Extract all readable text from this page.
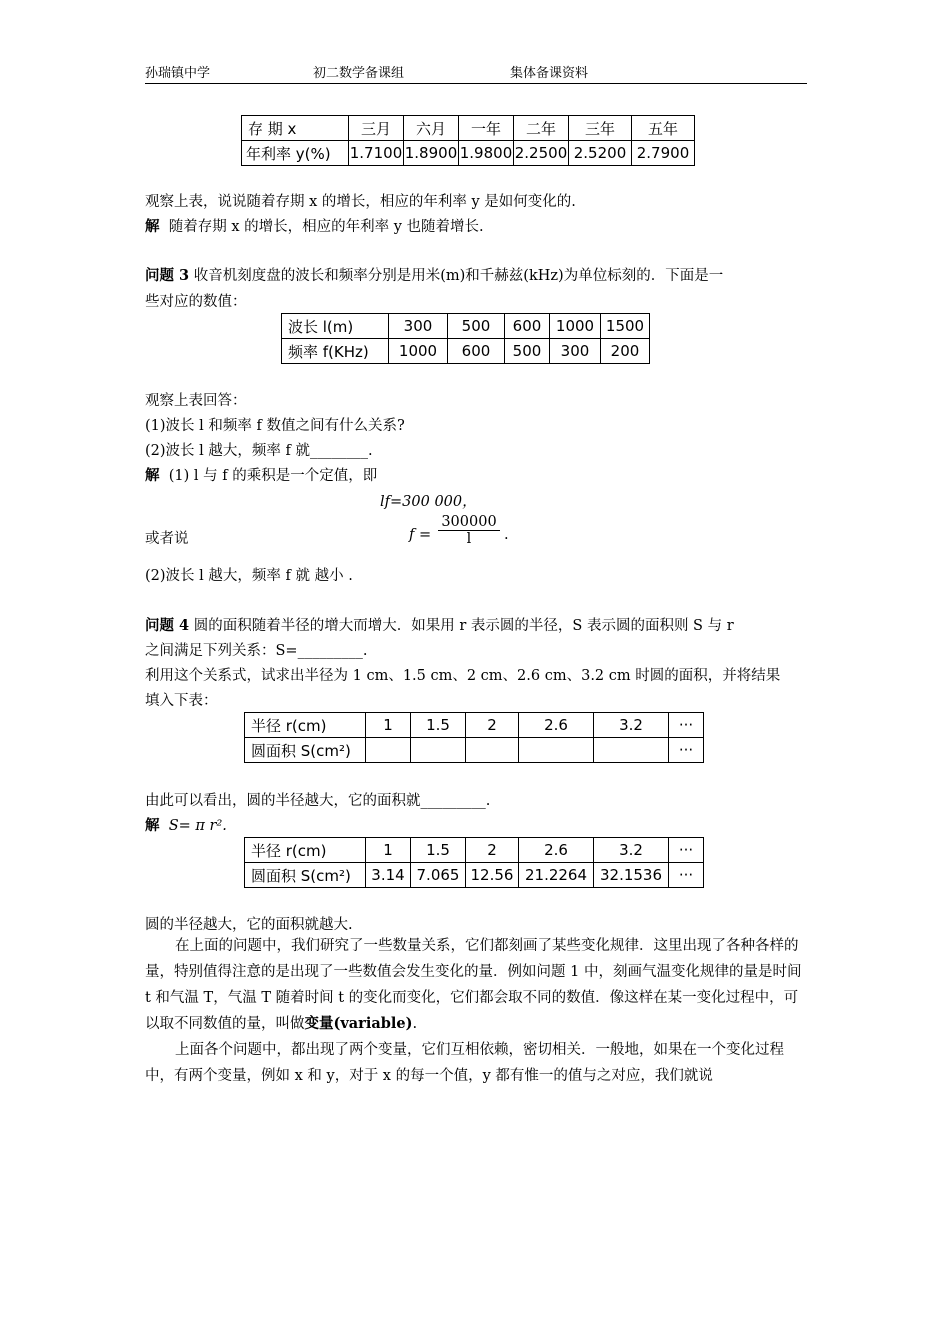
孙瑞镇中学	初二数学备课组	集体备课资料
存 期 x	三月	六月	一年	二年	三年	五年
年利率 y(%)	1.7100	1.8900	1.9800	2.2500	2.5200	2.7900
观察上表，说说随着存期 x 的增长，相应的年利率 y 是如何变化的.
解 随着存期 x 的增长，相应的年利率 y 也随着增长.
问题 3 收音机刻度盘的波长和频率分别是用米(m)和千赫兹(kHz)为单位标刻的．下面是一
些对应的数值：
波长 l(m)	300	500	600	1000	1500
频率 f(KHz)	1000	600	500	300	200
观察上表回答：
(1)波长 l 和频率 f 数值之间有什么关系?
(2)波长 l 越大，频率 f 就________.
解 (1) l 与 f 的乘积是一个定值，即
lf=300 000，
或者说	$f = \frac{300000}{l}$ .
(2)波长 l 越大，频率 f 就 越小 .
问题 4 圆的面积随着半径的增大而增大．如果用 r 表示圆的半径，S 表示圆的面积则 S 与 r
之间满足下列关系：S=_________.
利用这个关系式，试求出半径为 1 cm、1.5 cm、2 cm、2.6 cm、3.2 cm 时圆的面积，并将结果
填入下表：
半径 r(cm)	1	1.5	2	2.6	3.2	···
圆面积 S(cm²)						···
由此可以看出，圆的半径越大，它的面积就_________.
解 S= π r².
半径 r(cm)	1	1.5	2	2.6	3.2	···
圆面积 S(cm²)	3.14	7.065	12.56	21.2264	32.1536	···
圆的半径越大，它的面积就越大.
在上面的问题中，我们研究了一些数量关系，它们都刻画了某些变化规律．这里出现了各种各样的量，特别值得注意的是出现了一些数值会发生变化的量．例如问题 1 中，刻画气温变化规律的量是时间 t 和气温 T，气温 T 随着时间 t 的变化而变化，它们都会取不同的数值．像这样在某一变化过程中，可以取不同数值的量，叫做变量(variable).
上面各个问题中，都出现了两个变量，它们互相依赖，密切相关．一般地，如果在一个变化过程中，有两个变量，例如 x 和 y，对于 x 的每一个值，y 都有惟一的值与之对应，我们就说
